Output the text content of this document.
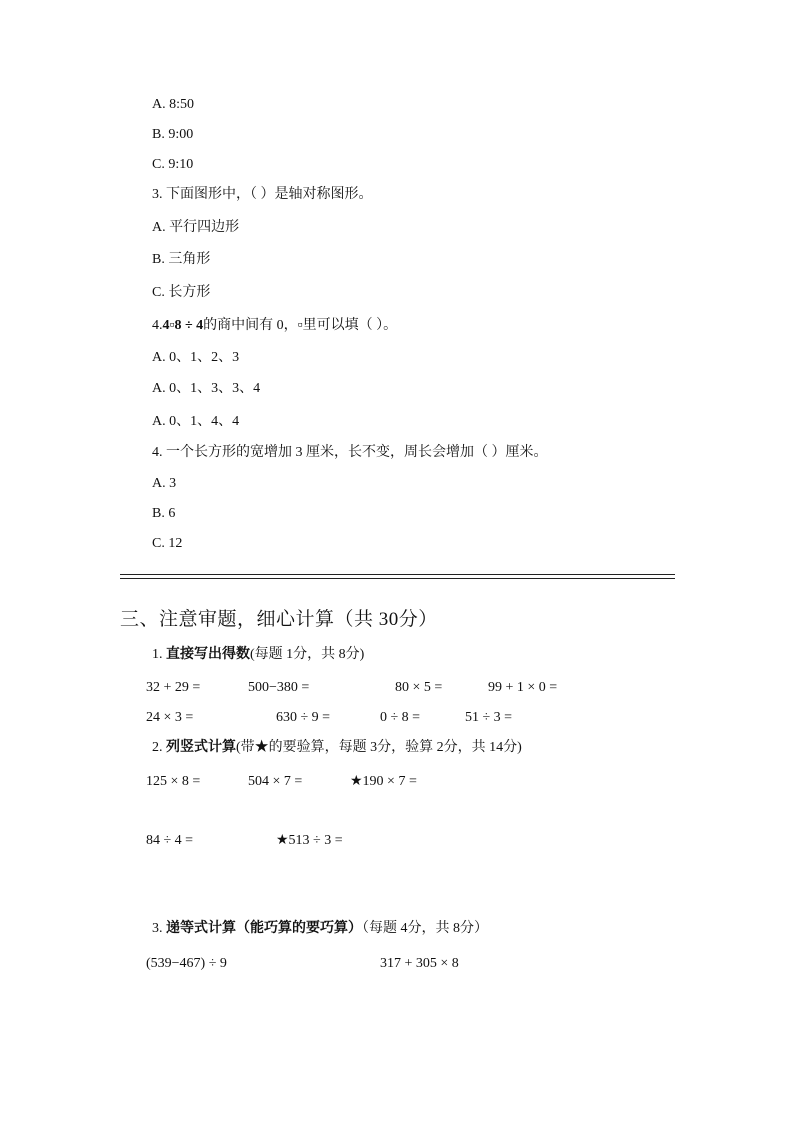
A. 8:50
B. 9:00
C. 9:10
3. 下面图形中，（ ）是轴对称图形。
A. 平行四边形
B. 三角形
C. 长方形
4.4▫8 ÷ 4的商中间有 0，▫里可以填（ ）。
A. 0、1、2、3
A. 0、1、3、3、4
A. 0、1、4、4
4. 一个长方形的宽增加 3 厘米，长不变，周长会增加（ ）厘米。
A. 3
B. 6
C. 12
三、注意审题，细心计算（共 30分）
1. 直接写出得数(每题 1分，共 8分)
32 + 29 =	500−380 =	80 × 5 =	99 + 1 × 0 =
24 × 3 =	630 ÷ 9 =	0 ÷ 8 =	51 ÷ 3 =
2. 列竖式计算(带★的要验算，每题 3分，验算 2分，共 14分)
125 × 8 =	504 × 7 =	★190 × 7 =
84 ÷ 4 =	★513 ÷ 3 =
3. 递等式计算（能巧算的要巧算）（每题 4分，共 8分）
(539−467) ÷ 9	317 + 305 × 8
